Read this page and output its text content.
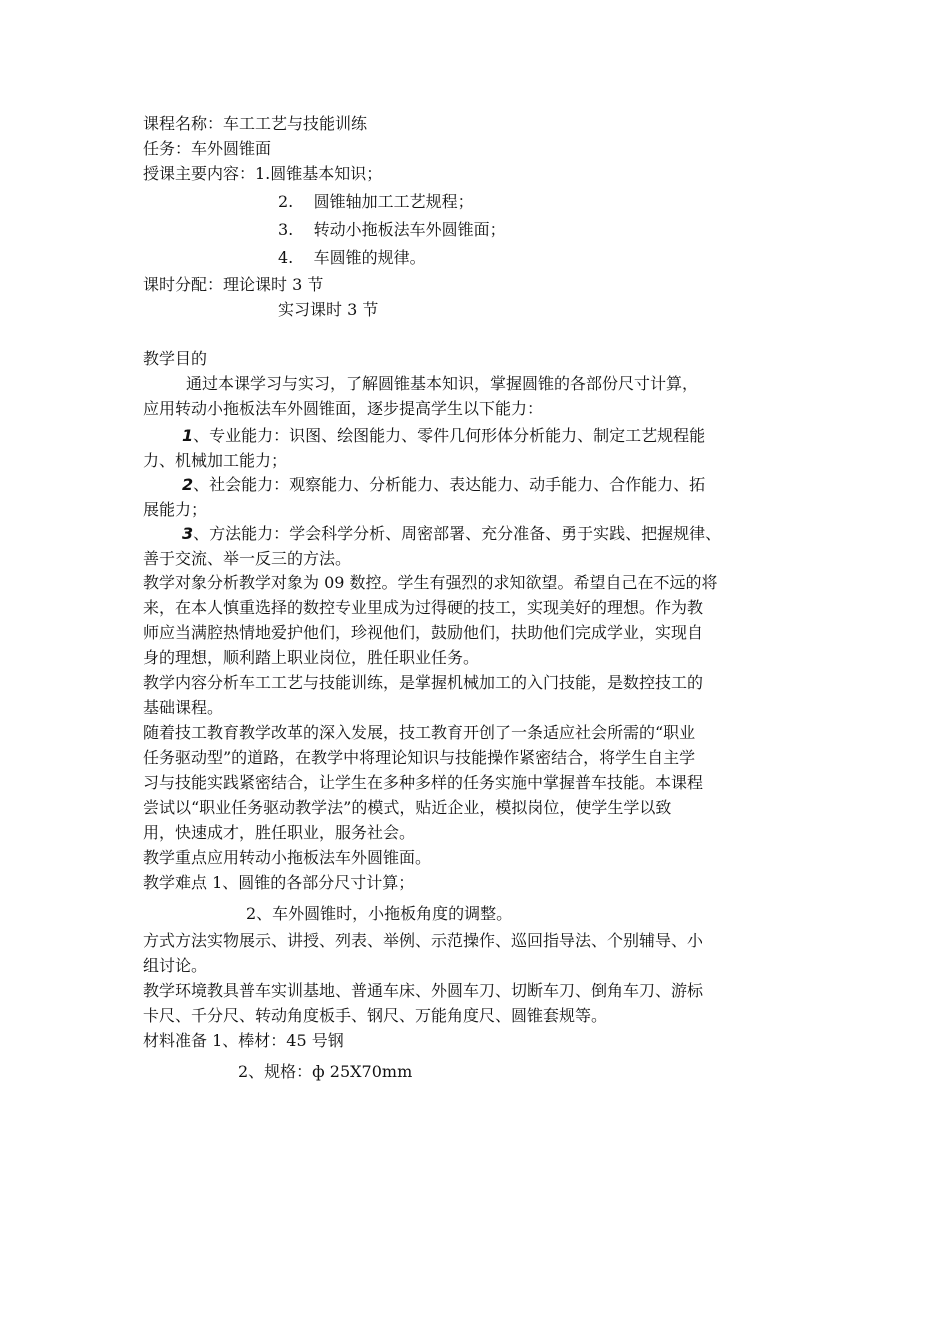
课程名称：车工工艺与技能训练
任务：车外圆锥面
授课主要内容：1.圆锥基本知识；
2. 圆锥轴加工工艺规程；
3. 转动小拖板法车外圆锥面；
4. 车圆锥的规律。
课时分配：理论课时 3 节
实习课时 3 节
教学目的
通过本课学习与实习，了解圆锥基本知识，掌握圆锥的各部份尺寸计算，
应用转动小拖板法车外圆锥面，逐步提高学生以下能力：
1、专业能力：识图、绘图能力、零件几何形体分析能力、制定工艺规程能
力、机械加工能力；
2、社会能力：观察能力、分析能力、表达能力、动手能力、合作能力、拓
展能力；
3、方法能力：学会科学分析、周密部署、充分准备、勇于实践、把握规律、
善于交流、举一反三的方法。
教学对象分析教学对象为 09 数控。学生有强烈的求知欲望。希望自己在不远的将
来，在本人慎重选择的数控专业里成为过得硬的技工，实现美好的理想。作为教
师应当满腔热情地爱护他们，珍视他们，鼓励他们，扶助他们完成学业，实现自
身的理想，顺利踏上职业岗位，胜任职业任务。
教学内容分析车工工艺与技能训练，是掌握机械加工的入门技能，是数控技工的
基础课程。
随着技工教育教学改革的深入发展，技工教育开创了一条适应社会所需的“职业
任务驱动型”的道路，在教学中将理论知识与技能操作紧密结合，将学生自主学
习与技能实践紧密结合，让学生在多种多样的任务实施中掌握普车技能。本课程
尝试以“职业任务驱动教学法”的模式，贴近企业，模拟岗位，使学生学以致
用，快速成才，胜任职业，服务社会。
教学重点应用转动小拖板法车外圆锥面。
教学难点 1、圆锥的各部分尺寸计算；
2、车外圆锥时，小拖板角度的调整。
方式方法实物展示、讲授、列表、举例、示范操作、巡回指导法、个别辅导、小
组讨论。
教学环境教具普车实训基地、普通车床、外圆车刀、切断车刀、倒角车刀、游标
卡尺、千分尺、转动角度板手、钢尺、万能角度尺、圆锥套规等。
材料准备 1、棒材：45 号钢
2、规格：ф 25X70mm
